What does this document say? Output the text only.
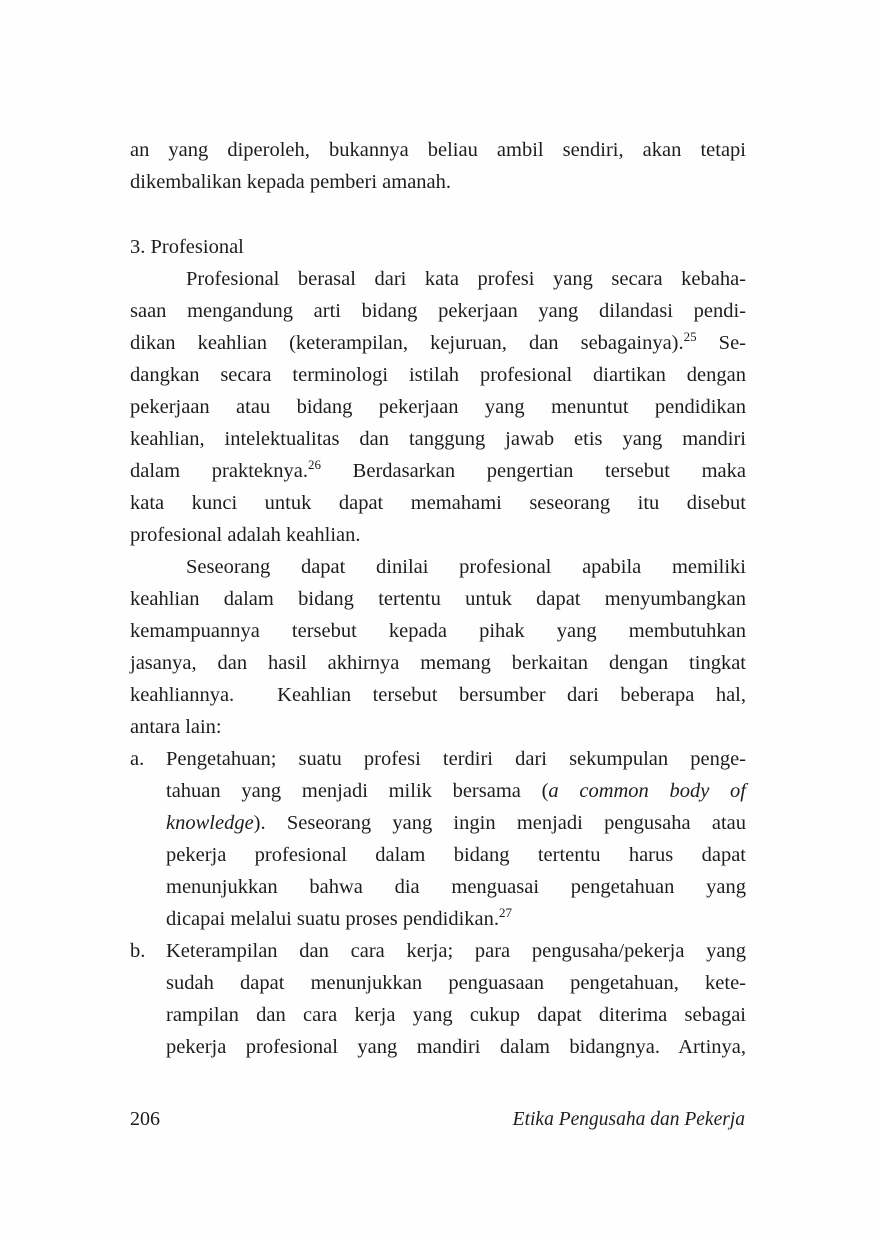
an yang diperoleh, bukannya beliau ambil sendiri, akan tetapi
dikembalikan kepada pemberi amanah.
3. Profesional
Profesional berasal dari kata profesi yang secara kebaha-
saan mengandung arti bidang pekerjaan yang dilandasi pendi-
dikan keahlian (keterampilan, kejuruan, dan sebagainya).$^{25}$ Se-
dangkan secara terminologi istilah profesional diartikan dengan
pekerjaan atau bidang pekerjaan yang menuntut pendidikan
keahlian, intelektualitas dan tanggung jawab etis yang mandiri
dalam prakteknya.$^{26}$ Berdasarkan pengertian tersebut maka
kata kunci untuk dapat memahami seseorang itu disebut
profesional adalah keahlian.
Seseorang dapat dinilai profesional apabila memiliki
keahlian dalam bidang tertentu untuk dapat menyumbangkan
kemampuannya tersebut kepada pihak yang membutuhkan
jasanya, dan hasil akhirnya memang berkaitan dengan tingkat
keahliannya.  Keahlian tersebut bersumber dari beberapa hal,
antara lain:
a. Pengetahuan; suatu profesi terdiri dari sekumpulan penge-
tahuan yang menjadi milik bersama (a common body of
knowledge). Seseorang yang ingin menjadi pengusaha atau
pekerja profesional dalam bidang tertentu harus dapat
menunjukkan bahwa dia menguasai pengetahuan yang
dicapai melalui suatu proses pendidikan.$^{27}$
b. Keterampilan dan cara kerja; para pengusaha/pekerja yang
sudah dapat menunjukkan penguasaan pengetahuan, kete-
rampilan dan cara kerja yang cukup dapat diterima sebagai
pekerja profesional yang mandiri dalam bidangnya. Artinya,
206	Etika Pengusaha dan Pekerja
